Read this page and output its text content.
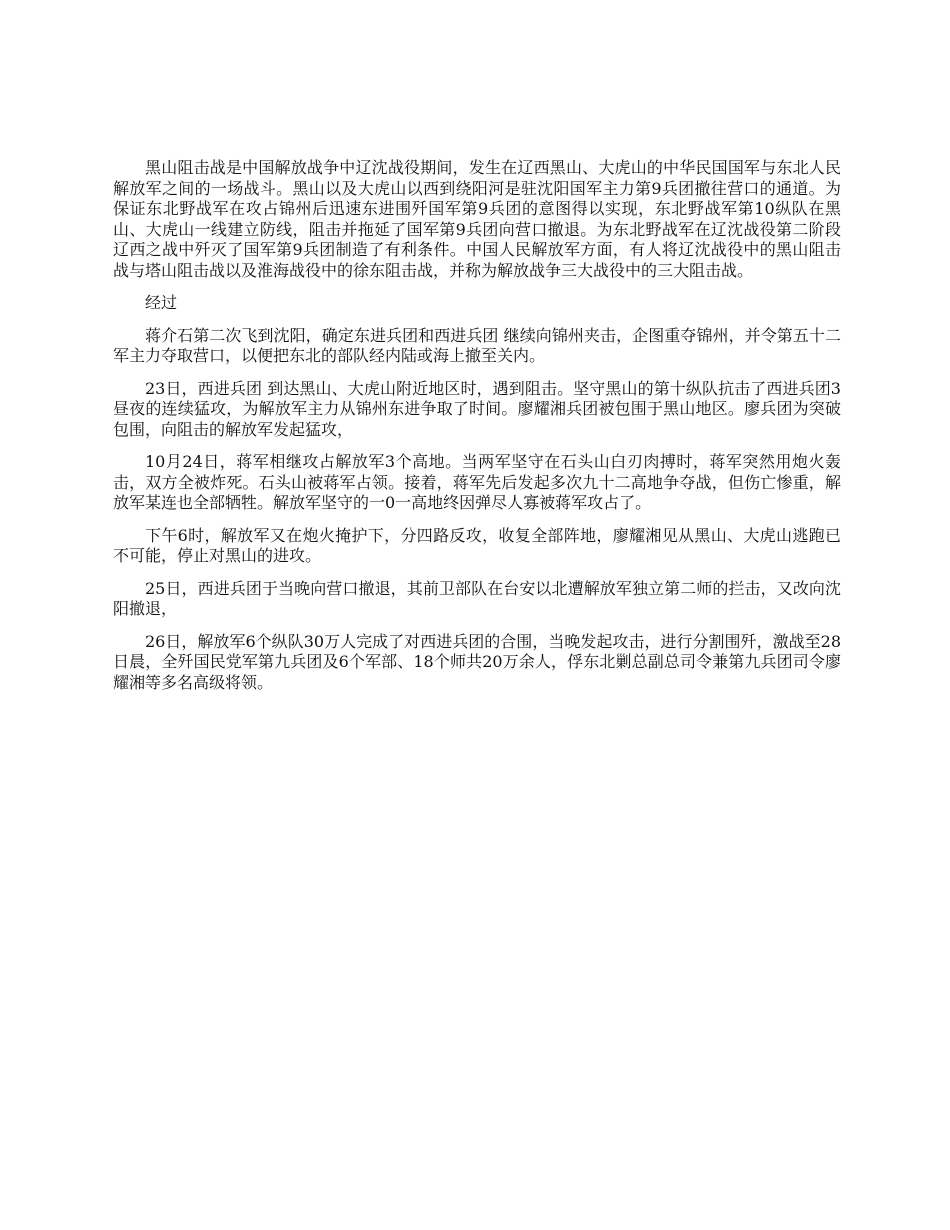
黑山阻击战是中国解放战争中辽沈战役期间，发生在辽西黑山、大虎山的中华民国国军与东北人民解放军之间的一场战斗。黑山以及大虎山以西到绕阳河是驻沈阳国军主力第9兵团撤往营口的通道。为保证东北野战军在攻占锦州后迅速东进围歼国军第9兵团的意图得以实现，东北野战军第10纵队在黑山、大虎山一线建立防线，阻击并拖延了国军第9兵团向营口撤退。为东北野战军在辽沈战役第二阶段辽西之战中歼灭了国军第9兵团制造了有利条件。中国人民解放军方面，有人将辽沈战役中的黑山阻击战与塔山阻击战以及淮海战役中的徐东阻击战，并称为解放战争三大战役中的三大阻击战。

经过

蒋介石第二次飞到沈阳，确定东进兵团和西进兵团 继续向锦州夹击，企图重夺锦州，并令第五十二军主力夺取营口，以便把东北的部队经内陆或海上撤至关内。

23日，西进兵团 到达黑山、大虎山附近地区时，遇到阻击。坚守黑山的第十纵队抗击了西进兵团3昼夜的连续猛攻，为解放军主力从锦州东进争取了时间。廖耀湘兵团被包围于黑山地区。廖兵团为突破包围，向阻击的解放军发起猛攻，

10月24日，蒋军相继攻占解放军3个高地。当两军坚守在石头山白刃肉搏时，蒋军突然用炮火轰击，双方全被炸死。石头山被蒋军占领。接着，蒋军先后发起多次九十二高地争夺战，但伤亡惨重，解放军某连也全部牺牲。解放军坚守的一0一高地终因弹尽人寡被蒋军攻占了。

下午6时，解放军又在炮火掩护下，分四路反攻，收复全部阵地，廖耀湘见从黑山、大虎山逃跑已不可能，停止对黑山的进攻。

25日，西进兵团于当晚向营口撤退，其前卫部队在台安以北遭解放军独立第二师的拦击，又改向沈阳撤退，

26日，解放军6个纵队30万人完成了对西进兵团的合围，当晚发起攻击，进行分割围歼，激战至28日晨，全歼国民党军第九兵团及6个军部、18个师共20万余人，俘东北剿总副总司令兼第九兵团司令廖耀湘等多名高级将领。
